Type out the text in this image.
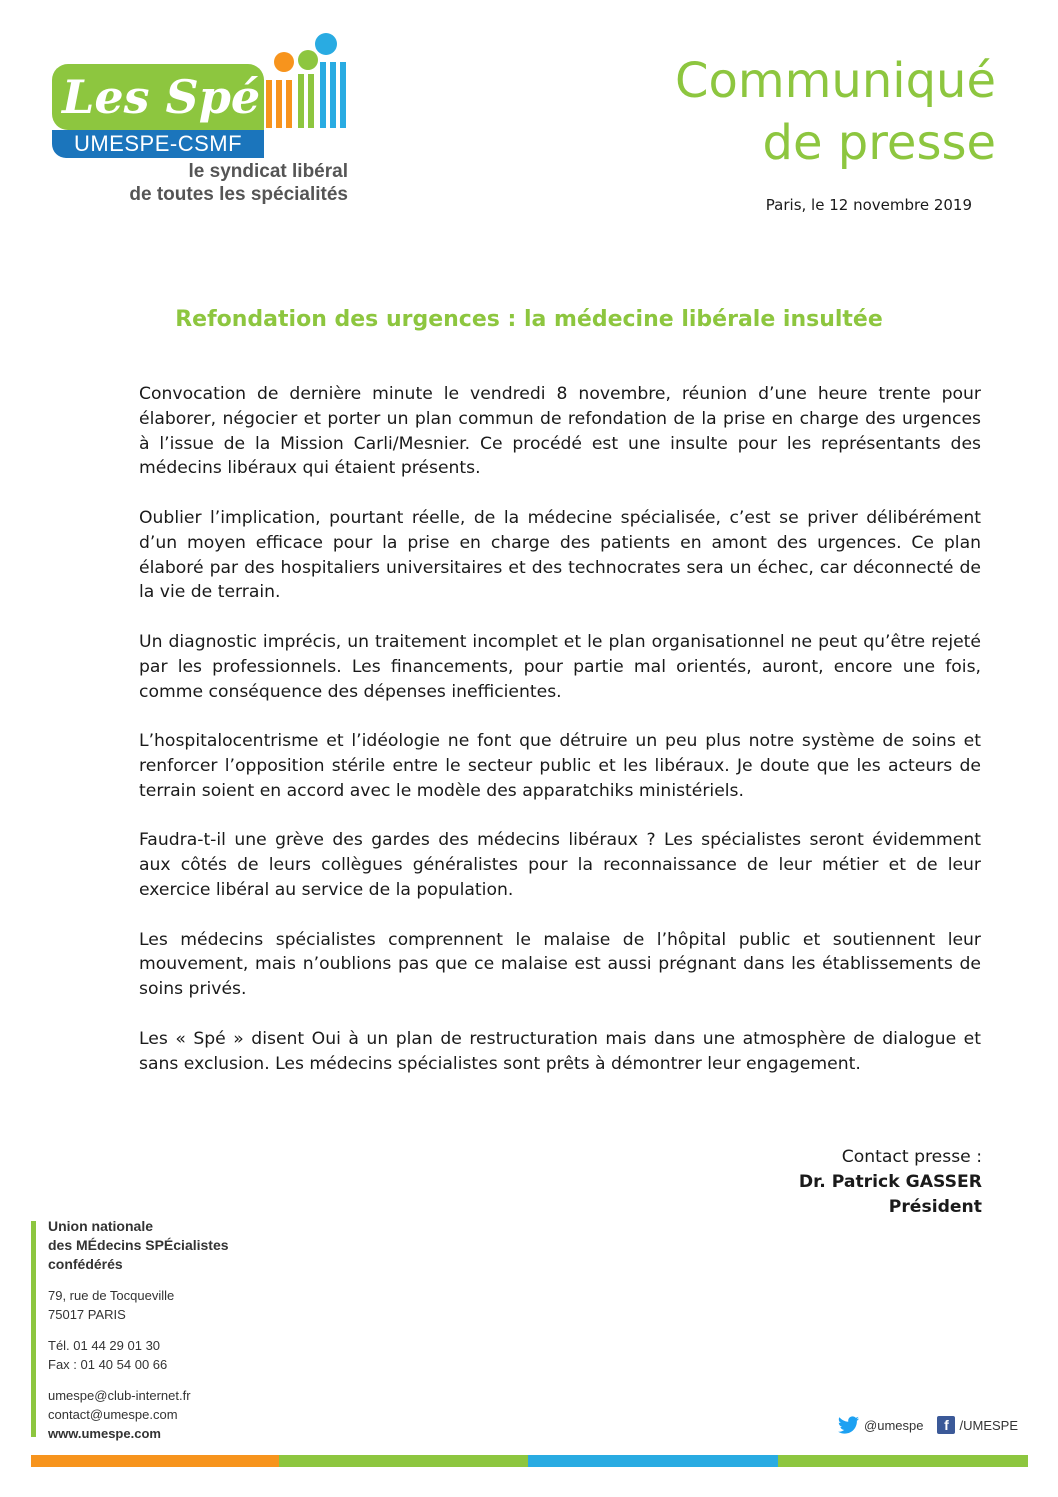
Les Spé
UMESPE-CSMF
le syndicat libéral
de toutes les spécialités
Communiqué
de presse
Paris, le 12 novembre 2019
Refondation des urgences : la médecine libérale insultée

Convocation de dernière minute le vendredi 8 novembre, réunion d’une heure trente pour élaborer, négocier et porter un plan commun de refondation de la prise en charge des urgences à l’issue de la Mission Carli/Mesnier. Ce procédé est une insulte pour les représentants des médecins libéraux qui étaient présents.

Oublier l’implication, pourtant réelle, de la médecine spécialisée, c’est se priver délibérément d’un moyen efficace pour la prise en charge des patients en amont des urgences. Ce plan élaboré par des hospitaliers universitaires et des technocrates sera un échec, car déconnecté de la vie de terrain.

Un diagnostic imprécis, un traitement incomplet et le plan organisationnel ne peut qu’être rejeté par les professionnels. Les financements, pour partie mal orientés, auront, encore une fois, comme conséquence des dépenses inefficientes.

L’hospitalocentrisme et l’idéologie ne font que détruire un peu plus notre système de soins et renforcer l’opposition stérile entre le secteur public et les libéraux. Je doute que les acteurs de terrain soient en accord avec le modèle des apparatchiks ministériels.

Faudra-t-il une grève des gardes des médecins libéraux ? Les spécialistes seront évidemment aux côtés de leurs collègues généralistes pour la reconnaissance de leur métier et de leur exercice libéral au service de la population.

Les médecins spécialistes comprennent le malaise de l’hôpital public et soutiennent leur mouvement, mais n’oublions pas que ce malaise est aussi prégnant dans les établissements de soins privés.

Les « Spé » disent Oui à un plan de restructuration mais dans une atmosphère de dialogue et sans exclusion. Les médecins spécialistes sont prêts à démontrer leur engagement.

Contact presse :
Dr. Patrick GASSER
Président
Union nationale
des MÉdecins SPÉcialistes
confédérés
79, rue de Tocqueville
75017 PARIS
Tél. 01 44 29 01 30
Fax : 01 40 54 00 66
umespe@club-internet.fr
contact@umespe.com
www.umespe.com
@umespe	f /UMESPE
